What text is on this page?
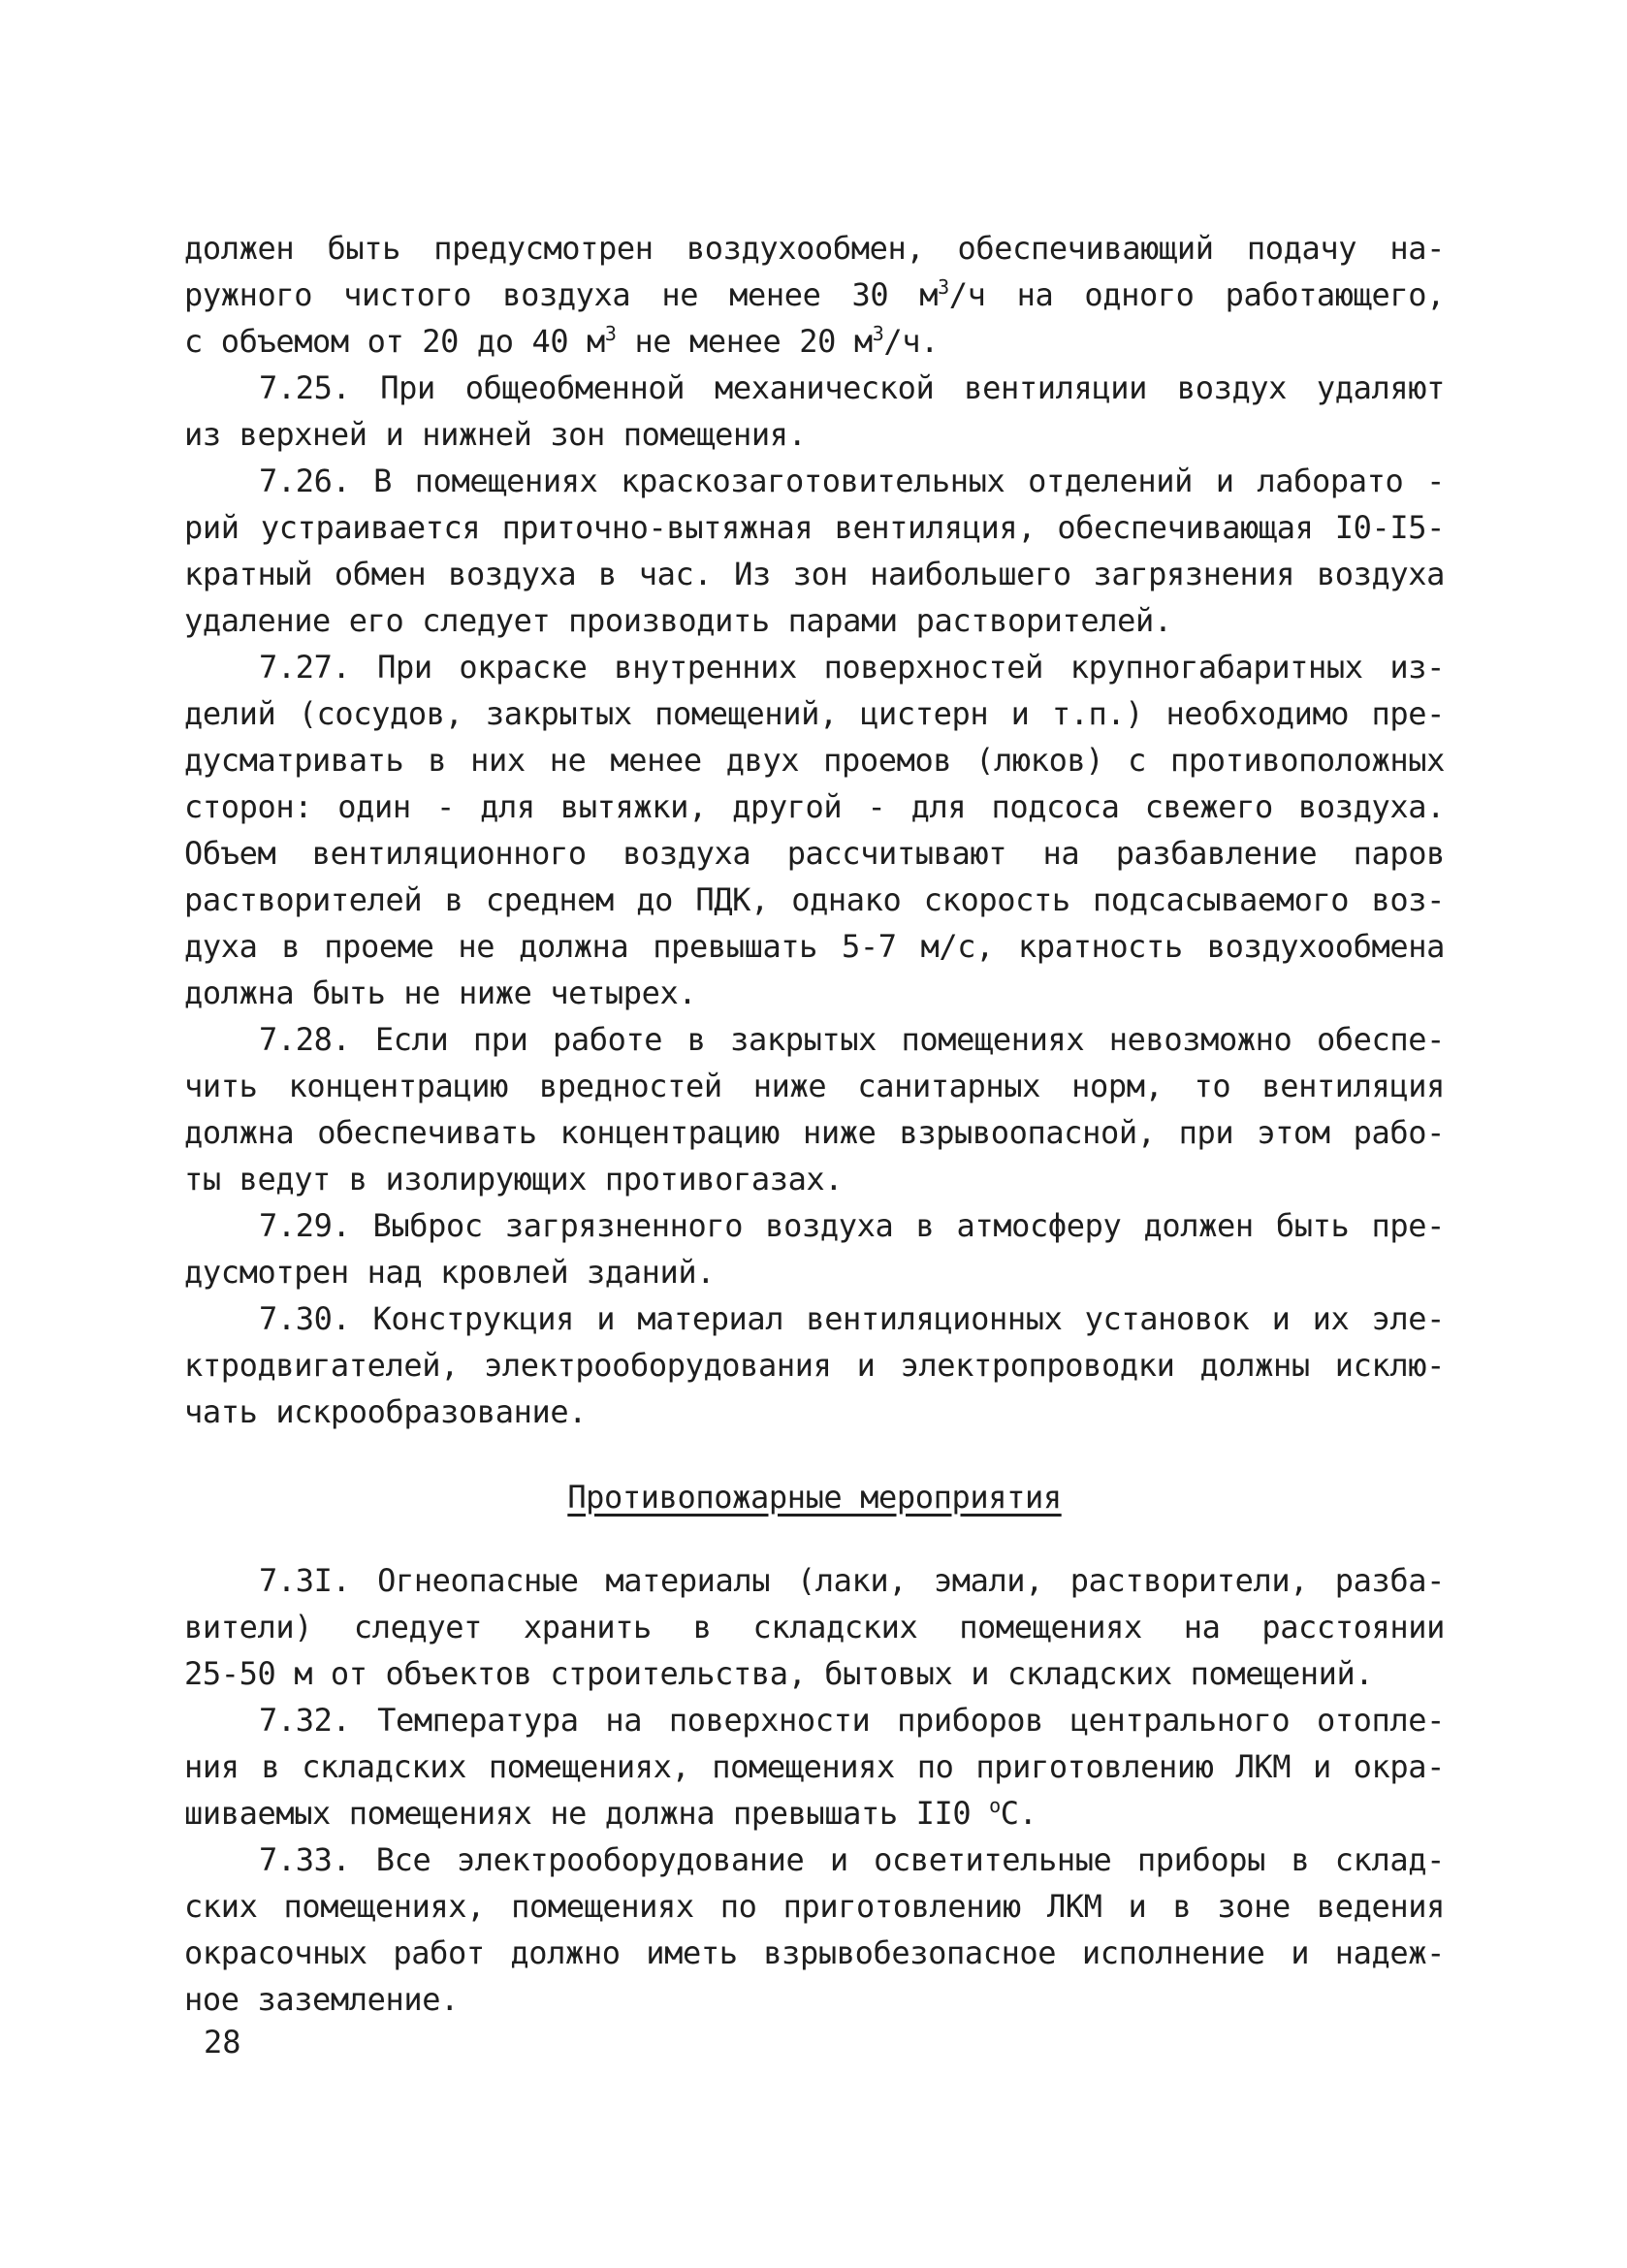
должен быть предусмотрен воздухообмен, обеспечивающий подачу на-
ружного чистого воздуха не менее 30 $м^3/ч$ на одного работающего,
с объемом от 20 до 40 $м^3$ не менее 20 $м^3/ч$.
7.25. При общеобменной механической вентиляции воздух удаляют
из верхней и нижней зон помещения.
7.26. В помещениях краскозаготовительных отделений и лаборато -
рий устраивается приточно-вытяжная вентиляция, обеспечивающая I0-I5-
кратный обмен воздуха в час. Из зон наибольшего загрязнения воздуха
удаление его следует производить парами растворителей.
7.27. При окраске внутренних поверхностей крупногабаритных из-
делий (сосудов, закрытых помещений, цистерн и т.п.) необходимо пре-
дусматривать в них не менее двух проемов (люков) с противоположных
сторон: один - для вытяжки, другой - для подсоса свежего воздуха.
Объем вентиляционного воздуха рассчитывают на разбавление паров
растворителей в среднем до ПДК, однако скорость подсасываемого воз-
духа в проеме не должна превышать 5-7 м/с, кратность воздухообмена
должна быть не ниже четырех.
7.28. Если при работе в закрытых помещениях невозможно обеспе-
чить концентрацию вредностей ниже санитарных норм, то вентиляция
должна обеспечивать концентрацию ниже взрывоопасной, при этом рабо-
ты ведут в изолирующих противогазах.
7.29. Выброс загрязненного воздуха в атмосферу должен быть пре-
дусмотрен над кровлей зданий.
7.30. Конструкция и материал вентиляционных установок и их эле-
ктродвигателей, электрооборудования и электропроводки должны исклю-
чать искрообразование.
Противопожарные мероприятия
7.3I. Огнеопасные материалы (лаки, эмали, растворители, разба-
вители) следует хранить в складских помещениях на расстоянии
25-50 м от объектов строительства, бытовых и складских помещений.
7.32. Температура на поверхности приборов центрального отопле-
ния в складских помещениях, помещениях по приготовлению ЛКМ и окра-
шиваемых помещениях не должна превышать II0 $^о$С.
7.33. Все электрооборудование и осветительные приборы в склад-
ских помещениях, помещениях по приготовлению ЛКМ и в зоне ведения
окрасочных работ должно иметь взрывобезопасное исполнение и надеж-
ное заземление.
28
